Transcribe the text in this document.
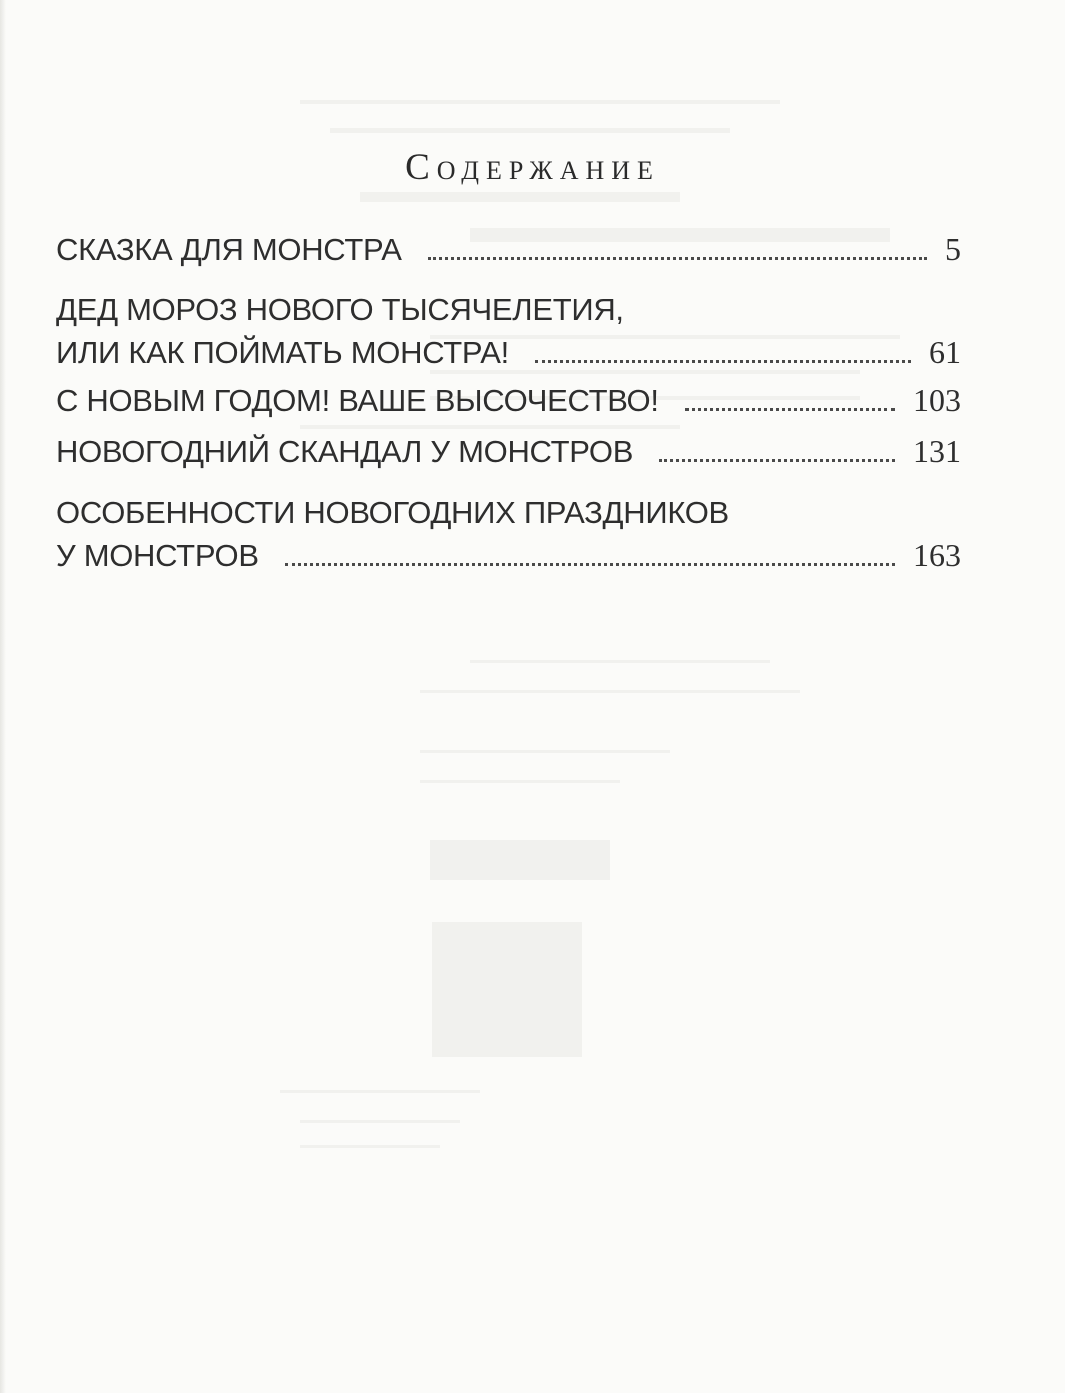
Содержание
СКАЗКА ДЛЯ МОНСТРА	5
ДЕД МОРОЗ НОВОГО ТЫСЯЧЕЛЕТИЯ,
ИЛИ КАК ПОЙМАТЬ МОНСТРА!	61
С НОВЫМ ГОДОМ! ВАШЕ ВЫСОЧЕСТВО!	103
НОВОГОДНИЙ СКАНДАЛ У МОНСТРОВ	131
ОСОБЕННОСТИ НОВОГОДНИХ ПРАЗДНИКОВ
У МОНСТРОВ	163
